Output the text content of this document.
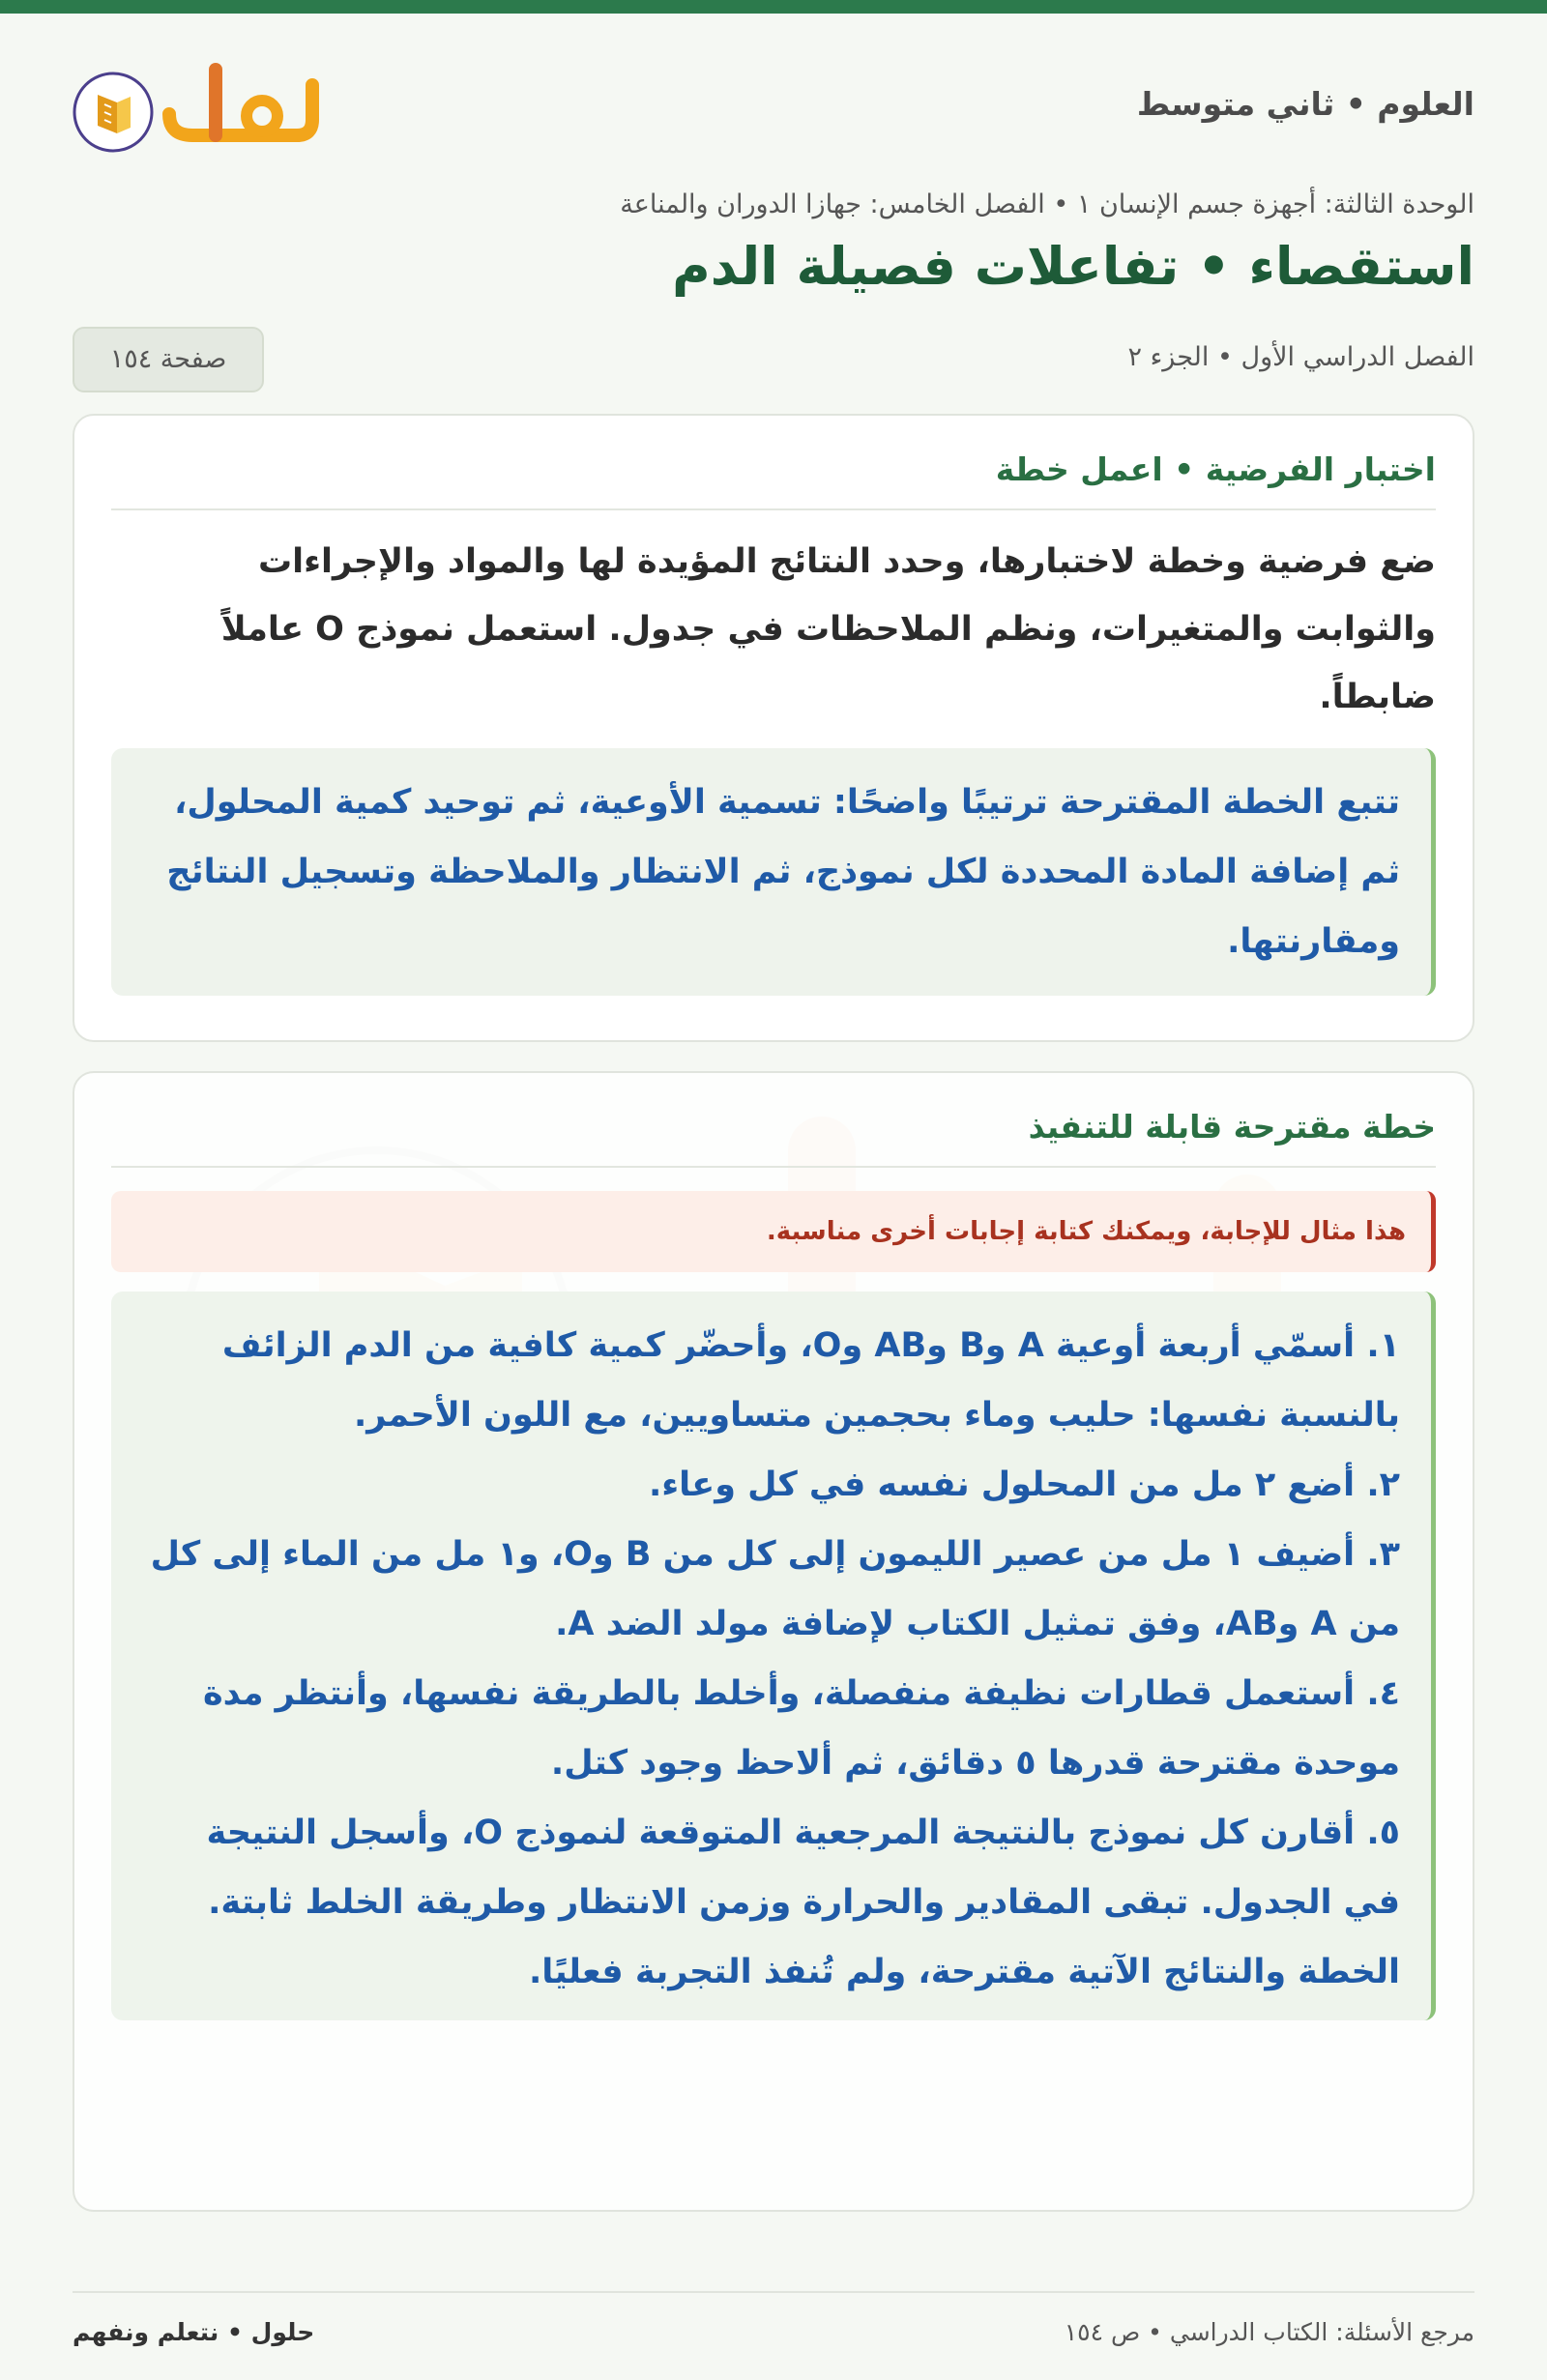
العلوم • ثاني متوسط
الوحدة الثالثة: أجهزة جسم الإنسان ١ • الفصل الخامس: جهازا الدوران والمناعة
استقصاء • تفاعلات فصيلة الدم
الفصل الدراسي الأول • الجزء ٢
صفحة ١٥٤
اختبار الفرضية • اعمل خطة
ضع فرضية وخطة لاختبارها، وحدد النتائج المؤيدة لها والمواد والإجراءات والثوابت والمتغيرات، ونظم الملاحظات في جدول. استعمل نموذج O عاملاً ضابطاً.
تتبع الخطة المقترحة ترتيبًا واضحًا: تسمية الأوعية، ثم توحيد كمية المحلول، ثم إضافة المادة المحددة لكل نموذج، ثم الانتظار والملاحظة وتسجيل النتائج ومقارنتها.
خطة مقترحة قابلة للتنفيذ
هذا مثال للإجابة، ويمكنك كتابة إجابات أخرى مناسبة.
١. أسمّي أربعة أوعية A وB وAB وO، وأحضّر كمية كافية من الدم الزائف بالنسبة نفسها: حليب وماء بحجمين متساويين، مع اللون الأحمر.
٢. أضع ٢ مل من المحلول نفسه في كل وعاء.
٣. أضيف ١ مل من عصير الليمون إلى كل من B وO، و١ مل من الماء إلى كل من A وAB، وفق تمثيل الكتاب لإضافة مولد الضد A.
٤. أستعمل قطارات نظيفة منفصلة، وأخلط بالطريقة نفسها، وأنتظر مدة موحدة مقترحة قدرها ٥ دقائق، ثم ألاحظ وجود كتل.
٥. أقارن كل نموذج بالنتيجة المرجعية المتوقعة لنموذج O، وأسجل النتيجة في الجدول. تبقى المقادير والحرارة وزمن الانتظار وطريقة الخلط ثابتة.
الخطة والنتائج الآتية مقترحة، ولم تُنفذ التجربة فعليًا.
مرجع الأسئلة: الكتاب الدراسي • ص ١٥٤
حلول • نتعلم ونفهم
